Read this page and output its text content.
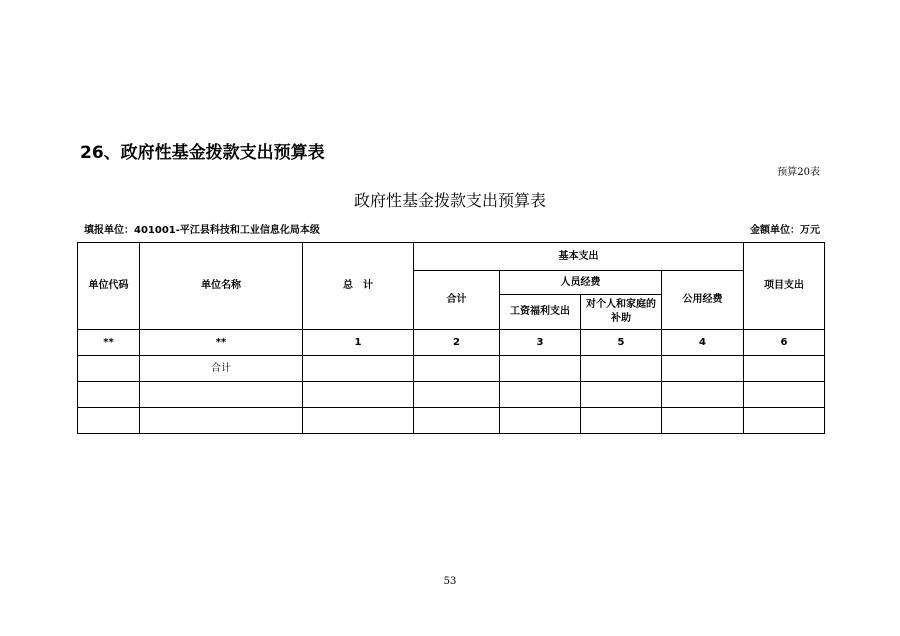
26、政府性基金拨款支出预算表
预算20表
政府性基金拨款支出预算表
填报单位：401001-平江县科技和工业信息化局本级	金额单位：万元
单位代码	单位名称	总　计	基本支出				项目支出
			合计	人员经费		公用经费	
				工资福利支出	对个人和家庭的补助		
**	**	1	2	3	5	4	6
	合计						

53
